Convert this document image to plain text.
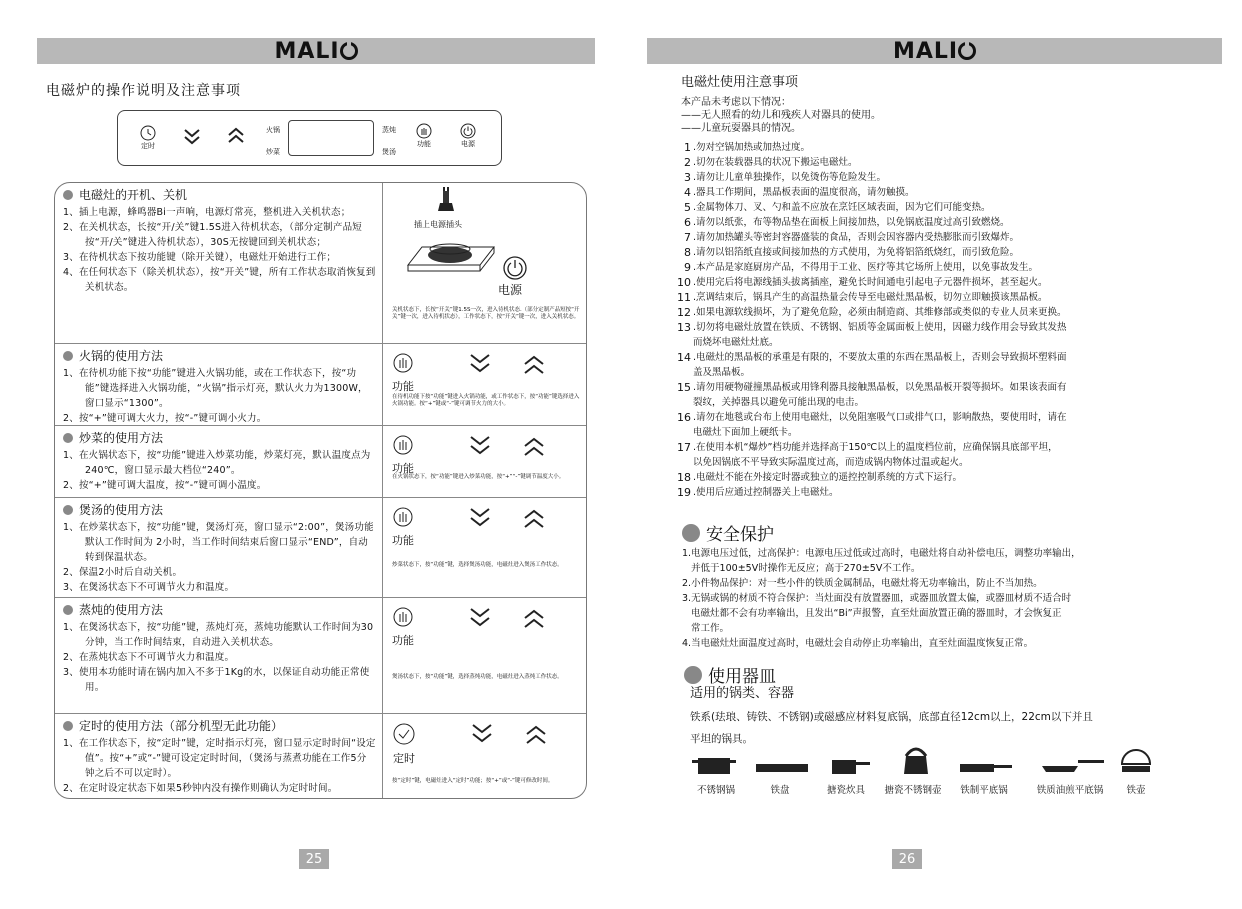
MALI
电磁炉的操作说明及注意事项
定时
火锅
炒菜
蒸炖
煲汤
功能	电源
电磁灶的开机、关机
1、插上电源，蜂鸣器Bi一声响，电源灯常亮，整机进入关机状态；
2、在关机状态，长按“开/关”键1.5S进入待机状态，（部分定制产品短按“开/关”键进入待机状态），30S无按键回到关机状态；
3、在待机状态下按功能键（除开关键），电磁灶开始进行工作；
4、在任何状态下（除关机状态），按“开关”键，所有工作状态取消恢复到关机状态。
插上电源插头
电源
关机状态下，长按“开关”键1.5S一次，进入待机状态.（部分定制产品短按“开关”键一次，进入待机状态），工作状态下，按“开关”键一次，进入关机状态。
火锅的使用方法
1、在待机功能下按“功能”键进入火锅功能，或在工作状态下，按“功能”键选择进入火锅功能，“火锅”指示灯亮，默认火力为1300W，窗口显示“1300”。
2、按“+”键可调大火力，按“-”键可调小火力。
功能
在待机功能下按“功能”键进入火锅功能，或工作状态下，按“功能”键选择进入火锅功能。按“+”键或“-”键可调节火力的大小。
炒菜的使用方法
1、在火锅状态下，按“功能”键进入炒菜功能，炒菜灯亮，默认温度点为240℃，窗口显示最大档位“240”。
2、按“+”键可调大温度，按“-”键可调小温度。
功能
在火锅状态下，按“功能”键进入炒菜功能，按“+”“-”键调节温度大小。
煲汤的使用方法
1、在炒菜状态下，按“功能”键，煲汤灯亮，窗口显示“2:00”，煲汤功能默认工作时间为 2小时，当工作时间结束后窗口显示“END”，自动转到保温状态。
2、保温2小时后自动关机。
3、在煲汤状态下不可调节火力和温度。
功能
炒菜状态下，按“功能”键，选择煲汤功能，电磁灶进入煲汤工作状态。
蒸炖的使用方法
1、在煲汤状态下，按“功能”键，蒸炖灯亮，蒸炖功能默认工作时间为30分钟，当工作时间结束，自动进入关机状态。
2、在蒸炖状态下不可调节火力和温度。
3、使用本功能时请在锅内加入不多于1Kg的水，以保证自动功能正常使用。
功能
煲汤状态下，按“功能”键，选择蒸炖功能，电磁灶进入蒸炖工作状态。
定时的使用方法（部分机型无此功能）
1、在工作状态下，按“定时”键，定时指示灯亮，窗口显示定时时间“设定值”。按“+”或“-”键可设定定时时间，（煲汤与蒸煮功能在工作5分钟之后不可以定时）。
2、在定时设定状态下如果5秒钟内没有操作则确认为定时时间。
定时
按“定时”键，电磁灶进入“定时”功能；按“+”或“-”键可修改时间。
25
MALI
26
电磁灶使用注意事项
本产品未考虑以下情况：
——无人照看的幼儿和残疾人对器具的使用。
——儿童玩耍器具的情况。
1 .勿对空锅加热或加热过度。
2 .切勿在装载器具的状况下搬运电磁灶。
3 .请勿让儿童单独操作，以免烫伤等危险发生。
4 .器具工作期间，黑晶板表面的温度很高，请勿触摸。
5 .金属物体刀、叉、勺和盖不应放在烹饪区域表面，因为它们可能变热。
6 .请勿以纸张，布等物品垫在面板上间接加热，以免锅底温度过高引致燃烧。
7 .请勿加热罐头等密封容器盛装的食品，否则会因容器内受热膨胀而引致爆炸。
8 .请勿以铝箔纸直接或间接加热的方式使用，为免将铝箔纸烧红，而引致危险。
9 .本产品是家庭厨房产品，不得用于工业、医疗等其它场所上使用，以免事故发生。
10 .使用完后将电源线插头拔离插座，避免长时间通电引起电子元器件损坏，甚至起火。
11 .烹调结束后，锅具产生的高温热量会传导至电磁灶黑晶板，切勿立即触摸该黑晶板。
12 .如果电源软线损坏，为了避免危险，必须由制造商、其维修部或类似的专业人员来更换。
13 .切勿将电磁灶放置在铁质、不锈钢、铝质等金属面板上使用，因磁力线作用会导致其发热
而烧坏电磁灶灶底。
14 .电磁灶的黑晶板的承重是有限的，不要放太重的东西在黑晶板上，否则会导致损坏塑料面
盖及黑晶板。
15 .请勿用硬物碰撞黑晶板或用锋利器具接触黑晶板，以免黑晶板开裂等损坏。如果该表面有
裂纹，关掉器具以避免可能出现的电击。
16 .请勿在地毯或台布上使用电磁灶，以免阻塞吸气口或排气口，影响散热，要使用时，请在
电磁灶下面加上硬纸卡。
17 .在使用本机“爆炒”档功能并选择高于150℃以上的温度档位前，应确保锅具底部平坦，
以免因锅底不平导致实际温度过高，而造成锅内物体过温或起火。
18 .电磁灶不能在外接定时器或独立的遥控控制系统的方式下运行。
19 .使用后应通过控制器关上电磁灶。
安全保护
1.电源电压过低，过高保护：电源电压过低或过高时，电磁灶将自动补偿电压，调整功率输出，
并低于100±5V时操作无反应；高于270±5V不工作。
2.小件物品保护：对一些小件的铁质金属制品，电磁灶将无功率输出，防止不当加热。
3.无锅或锅的材质不符合保护：当灶面没有放置器皿，或器皿放置太偏，或器皿材质不适合时
电磁灶都不会有功率输出，且发出“Bi”声报警，直至灶面放置正确的器皿时，才会恢复正
常工作。
4.当电磁灶灶面温度过高时，电磁灶会自动停止功率输出，直至灶面温度恢复正常。
使用器皿
适用的锅类、容器
铁系(珐琅、铸铁、不锈钢)或磁感应材料复底锅，底部直径12cm以上，22cm以下并且
平坦的锅具。
不锈钢锅	铁盘	搪瓷炊具	搪瓷不锈钢壶	铁制平底锅	铁质油煎平底锅	铁壶
